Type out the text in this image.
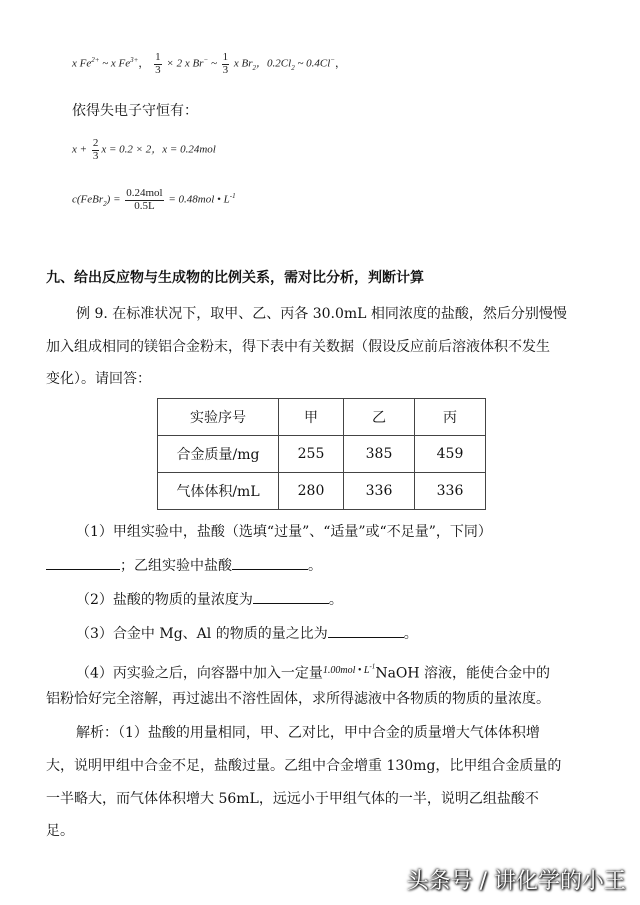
x $Fe^{2+}$ ~ x $Fe^{3+}$， $\frac{1}{3} \times 2$ x Br− ~ $\frac{1}{3}$ x $Br_2$，$0.2Cl_2$ ~ 0.4Cl−，
依得失电子守恒有：
$x + \frac{2}{3}$ x = 0.2 × 2，x = 0.24mol
c(FeBr$_2$) = $\frac{\text{0.24mol}}{0.5L} = 0.48mol$ • $L^{-1}$
九、给出反应物与生成物的比例关系，需对比分析，判断计算
例 9. 在标准状况下，取甲、乙、丙各 30.0mL 相同浓度的盐酸，然后分别慢慢
加入组成相同的镁铝合金粉末，得下表中有关数据（假设反应前后溶液体积不发生
变化）。请回答：
实验序号	甲	乙	丙
合金质量/mg	255	385	459
气体体积/mL	280	336	336
（1）甲组实验中，盐酸（选填“过量”、“适量”或“不足量”，下同）
；乙组实验中盐酸	。
（2）盐酸的物质的量浓度为	。
（3）合金中 Mg、Al 的物质的量之比为	。
（4）丙实验之后，向容器中加入一定量$^{1.00mol • L^{-1}}$NaOH 溶液，能使合金中的
铝粉恰好完全溶解，再过滤出不溶性固体，求所得滤液中各物质的物质的量浓度。
解析：（1）盐酸的用量相同，甲、乙对比，甲中合金的质量增大气体体积增
大，说明甲组中合金不足，盐酸过量。乙组中合金增重 130mg，比甲组合金质量的
一半略大，而气体体积增大 56mL，远远小于甲组气体的一半，说明乙组盐酸不
足。
头条号 / 讲化学的小王
